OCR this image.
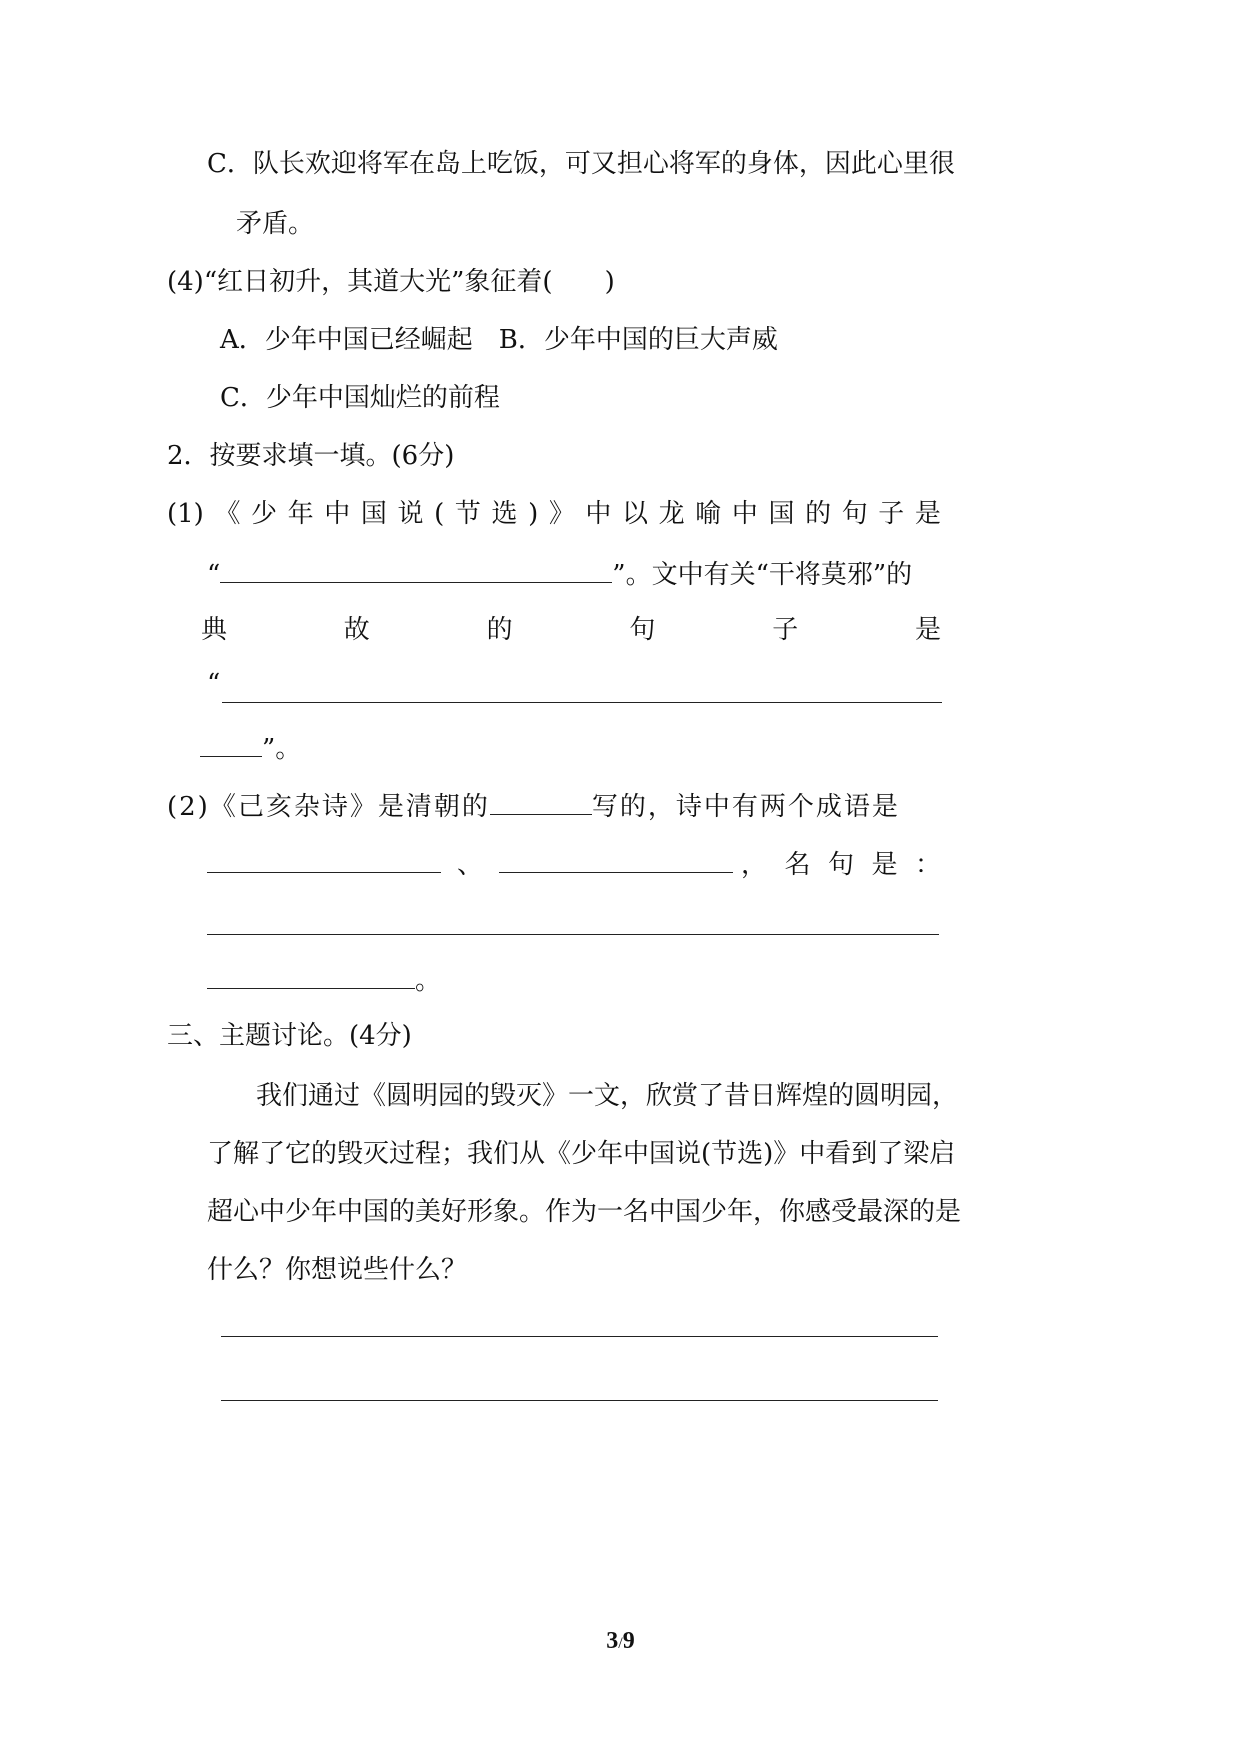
C．队长欢迎将军在岛上吃饭，可又担心将军的身体，因此心里很
矛盾。
(4)“红日初升，其道大光”象征着( )
A．少年中国已经崛起 B．少年中国的巨大声威
C．少年中国灿烂的前程
2．按要求填一填。(6分)
(1) 《 少 年 中 国 说 ( 节 选 ) 》 中 以 龙 喻 中 国 的 句 子 是
“	”。文中有关“干将莫邪”的
典	故	的	句	子	是
“
”。
(2)《己亥杂诗》是清朝的	写的，诗中有两个成语是
、	， 名 句 是 ：
。
三、主题讨论。(4分)
我们通过《圆明园的毁灭》一文，欣赏了昔日辉煌的圆明园，
了解了它的毁灭过程；我们从《少年中国说(节选)》中看到了梁启
超心中少年中国的美好形象。作为一名中国少年，你感受最深的是
什么？你想说些什么？
3/9
